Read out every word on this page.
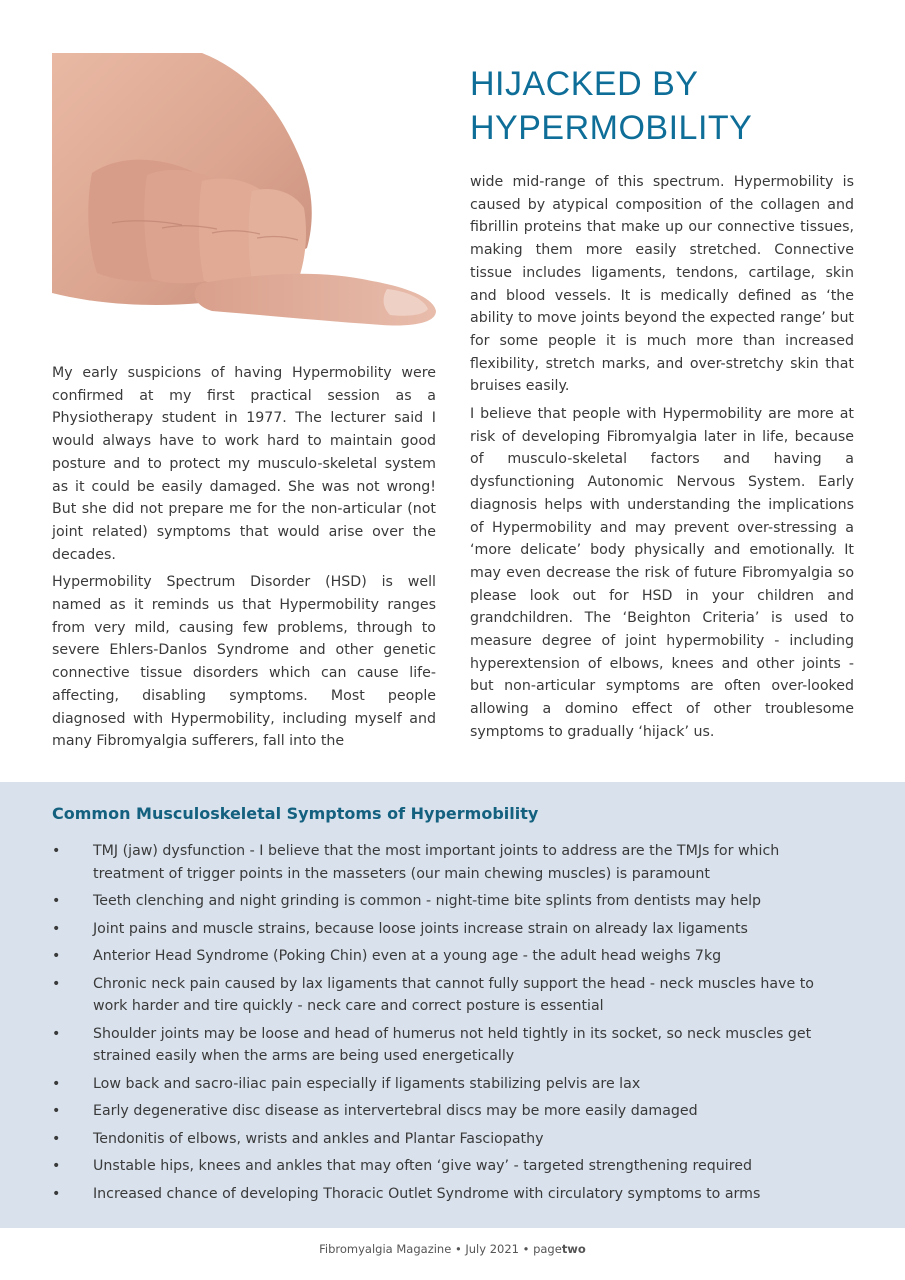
HIJACKED BY
HYPERMOBILITY

My early suspicions of having Hypermobility were confirmed at my first practical session as a Physiotherapy student in 1977. The lecturer said I would always have to work hard to maintain good posture and to protect my musculo-skeletal system as it could be easily damaged. She was not wrong! But she did not prepare me for the non-articular (not joint related) symptoms that would arise over the decades.

Hypermobility Spectrum Disorder (HSD) is well named as it reminds us that Hypermobility ranges from very mild, causing few problems, through to severe Ehlers-Danlos Syndrome and other genetic connective tissue disorders which can cause life-affecting, disabling symptoms. Most people diagnosed with Hypermobility, including myself and many Fibromyalgia sufferers, fall into the

wide mid-range of this spectrum. Hypermobility is caused by atypical composition of the collagen and fibrillin proteins that make up our connective tissues, making them more easily stretched. Connective tissue includes ligaments, tendons, cartilage, skin and blood vessels. It is medically defined as ‘the ability to move joints beyond the expected range’ but for some people it is much more than increased flexibility, stretch marks, and over-stretchy skin that bruises easily.

I believe that people with Hypermobility are more at risk of developing Fibromyalgia later in life, because of musculo-skeletal factors and having a dysfunctioning Autonomic Nervous System. Early diagnosis helps with understanding the implications of Hypermobility and may prevent over-stressing a ‘more delicate’ body physically and emotionally. It may even decrease the risk of future Fibromyalgia so please look out for HSD in your children and grandchildren. The ‘Beighton Criteria’ is used to measure degree of joint hypermobility - including hyperextension of elbows, knees and other joints - but non-articular symptoms are often over-looked allowing a domino effect of other troublesome symptoms to gradually ‘hijack’ us.

Common Musculoskeletal Symptoms of Hypermobility
• TMJ (jaw) dysfunction - I believe that the most important joints to address are the TMJs for which treatment of trigger points in the masseters (our main chewing muscles) is paramount
• Teeth clenching and night grinding is common - night-time bite splints from dentists may help
• Joint pains and muscle strains, because loose joints increase strain on already lax ligaments
• Anterior Head Syndrome (Poking Chin) even at a young age - the adult head weighs 7kg
• Chronic neck pain caused by lax ligaments that cannot fully support the head - neck muscles have to work harder and tire quickly - neck care and correct posture is essential
• Shoulder joints may be loose and head of humerus not held tightly in its socket, so neck muscles get strained easily when the arms are being used energetically
• Low back and sacro-iliac pain especially if ligaments stabilizing pelvis are lax
• Early degenerative disc disease as intervertebral discs may be more easily damaged
• Tendonitis of elbows, wrists and ankles and Plantar Fasciopathy
• Unstable hips, knees and ankles that may often ‘give way’ - targeted strengthening required
• Increased chance of developing Thoracic Outlet Syndrome with circulatory symptoms to arms
Fibromyalgia Magazine • July 2021 • pagetwo
